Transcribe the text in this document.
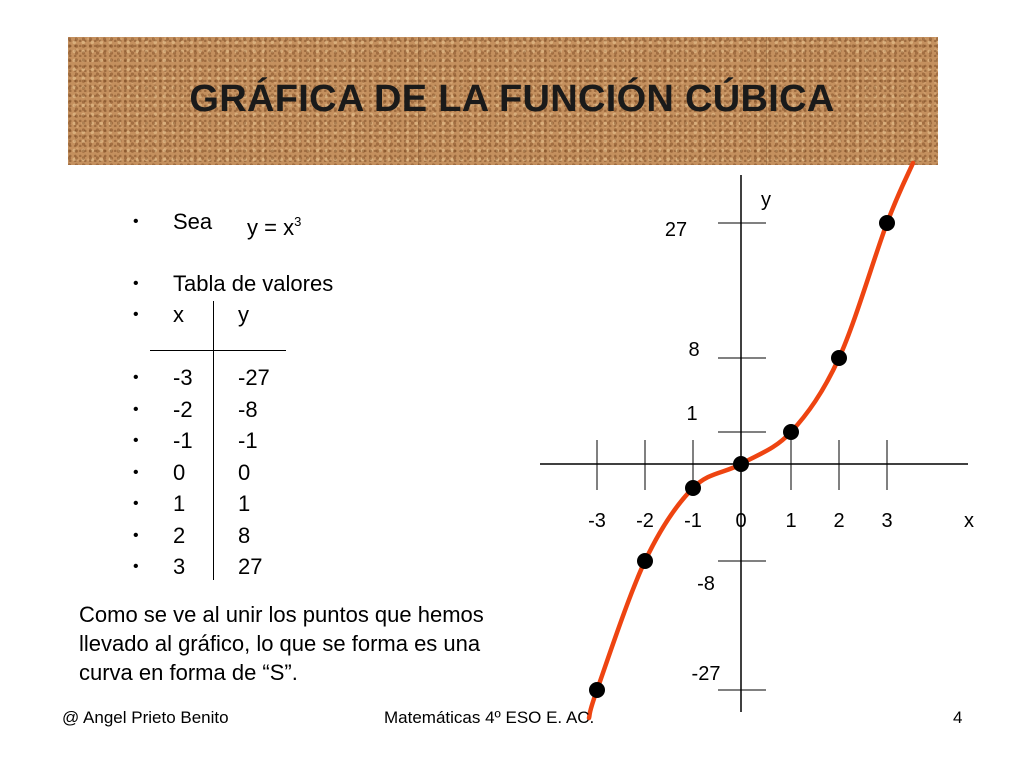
GRÁFICA DE LA FUNCIÓN CÚBICA
• Sea $y = x^3$
• Tabla de valores
• x y
• -3 -27
• -2 -8
• -1 -1
• 0 0
• 1 1
• 2 8
• 3 27
Como se ve al unir los puntos que hemos llevado al gráfico, lo que se forma es una curva en forma de “S”.
-3 -2 -1 0 1 2 3
27
8
1
-8
-27
x
y
@ Angel Prieto Benito	Matemáticas 4º ESO E. AC.	4
